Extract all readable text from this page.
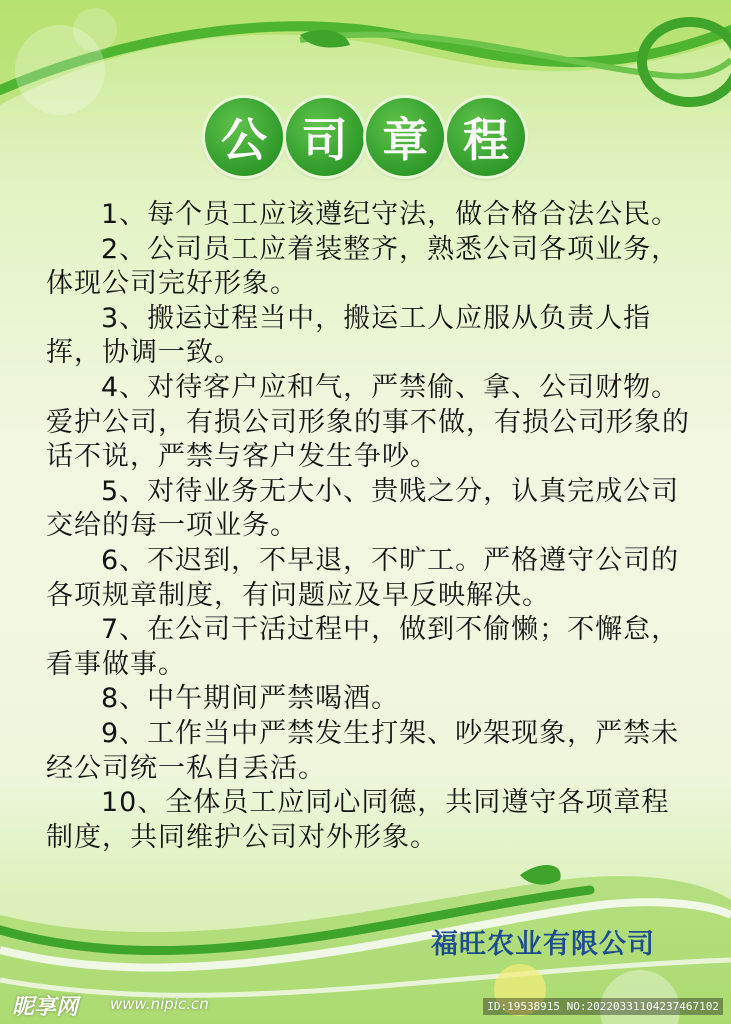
公 司 章 程

1、每个员工应该遵纪守法，做合格合法公民。

2、公司员工应着装整齐，熟悉公司各项业务，体现公司完好形象。

3、搬运过程当中，搬运工人应服从负责人指挥，协调一致。

4、对待客户应和气，严禁偷、拿、公司财物。爱护公司，有损公司形象的事不做，有损公司形象的话不说，严禁与客户发生争吵。

5、对待业务无大小、贵贱之分，认真完成公司交给的每一项业务。

6、不迟到，不早退，不旷工。严格遵守公司的各项规章制度，有问题应及早反映解决。

7、在公司干活过程中，做到不偷懒；不懈怠，看事做事。

8、中午期间严禁喝酒。

9、工作当中严禁发生打架、吵架现象，严禁未经公司统一私自丢活。

10、全体员工应同心同德，共同遵守各项章程制度，共同维护公司对外形象。

福旺农业有限公司
昵享网 www.nipic.cn	ID:19538915 NO:20220331104237467102
